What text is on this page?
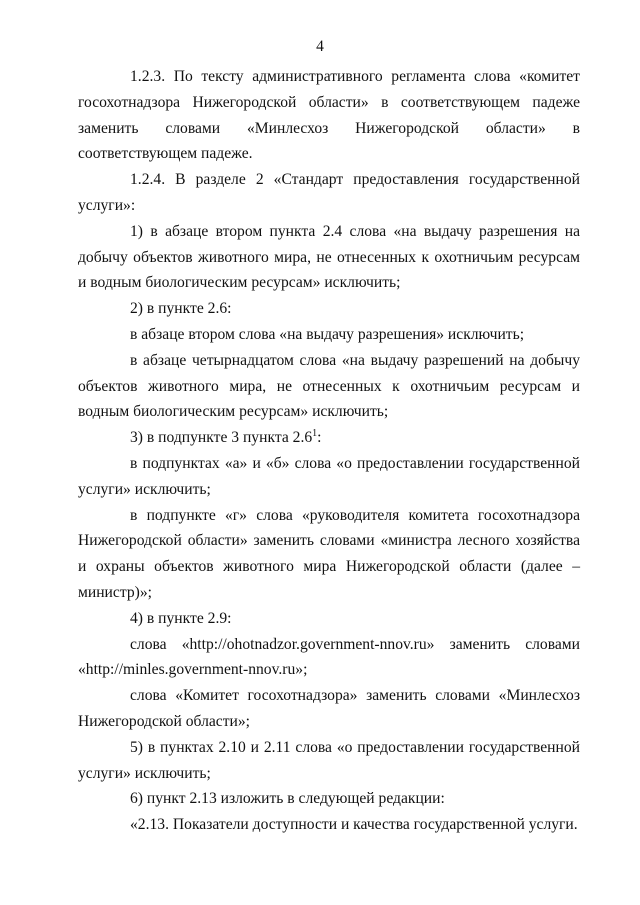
4

1.2.3. По тексту административного регламента слова «комитет госохотнадзора Нижегородской области» в соответствующем падеже заменить словами «Минлесхоз Нижегородской области» в соответствующем падеже.

1.2.4. В разделе 2 «Стандарт предоставления государственной услуги»:

1) в абзаце втором пункта 2.4 слова «на выдачу разрешения на добычу объектов животного мира, не отнесенных к охотничьим ресурсам и водным биологическим ресурсам» исключить;

2) в пункте 2.6:

в абзаце втором слова «на выдачу разрешения» исключить;

в абзаце четырнадцатом слова «на выдачу разрешений на добычу объектов животного мира, не отнесенных к охотничьим ресурсам и водным биологическим ресурсам» исключить;

3) в подпункте 3 пункта $2.6^1$:

в подпунктах «а» и «б» слова «о предоставлении государственной услуги» исключить;

в подпункте «г» слова «руководителя комитета госохотнадзора Нижегородской области» заменить словами «министра лесного хозяйства и охраны объектов животного мира Нижегородской области (далее – министр)»;

4) в пункте 2.9:

слова «http://ohotnadzor.government-nnov.ru» заменить словами «http://minles.government-nnov.ru»;

слова «Комитет госохотнадзора» заменить словами «Минлесхоз Нижегородской области»;

5) в пунктах 2.10 и 2.11 слова «о предоставлении государственной услуги» исключить;

6) пункт 2.13 изложить в следующей редакции:

«2.13. Показатели доступности и качества государственной услуги.
